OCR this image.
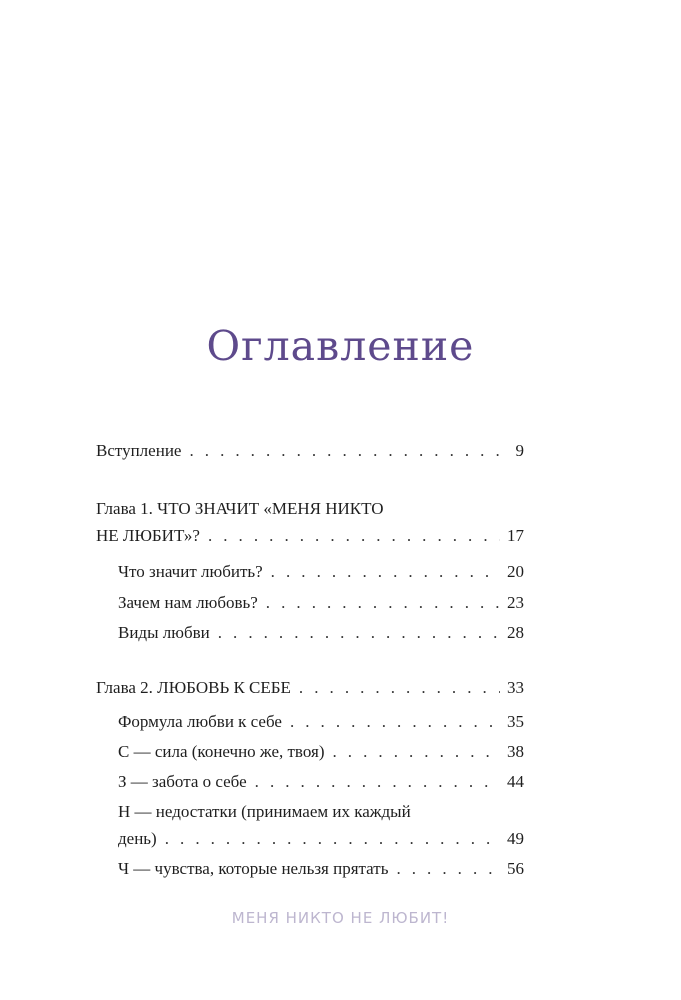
Оглавление
Вступление . . .	9
Глава 1. ЧТО ЗНАЧИТ «МЕНЯ НИКТО
НЕ ЛЮБИТ»? . . .	17
Что значит любить? . . .	20
Зачем нам любовь? . . .	23
Виды любви . . .	28
Глава 2. ЛЮБОВЬ К СЕБЕ . . .	33
Формула любви к себе . . .	35
С — сила (конечно же, твоя) . . .	38
З — забота о себе . . .	44
Н — недостатки (принимаем их каждый
день) . . .	49
Ч — чувства, которые нельзя прятать . . .	56
МЕНЯ НИКТО НЕ ЛЮБИТ!
